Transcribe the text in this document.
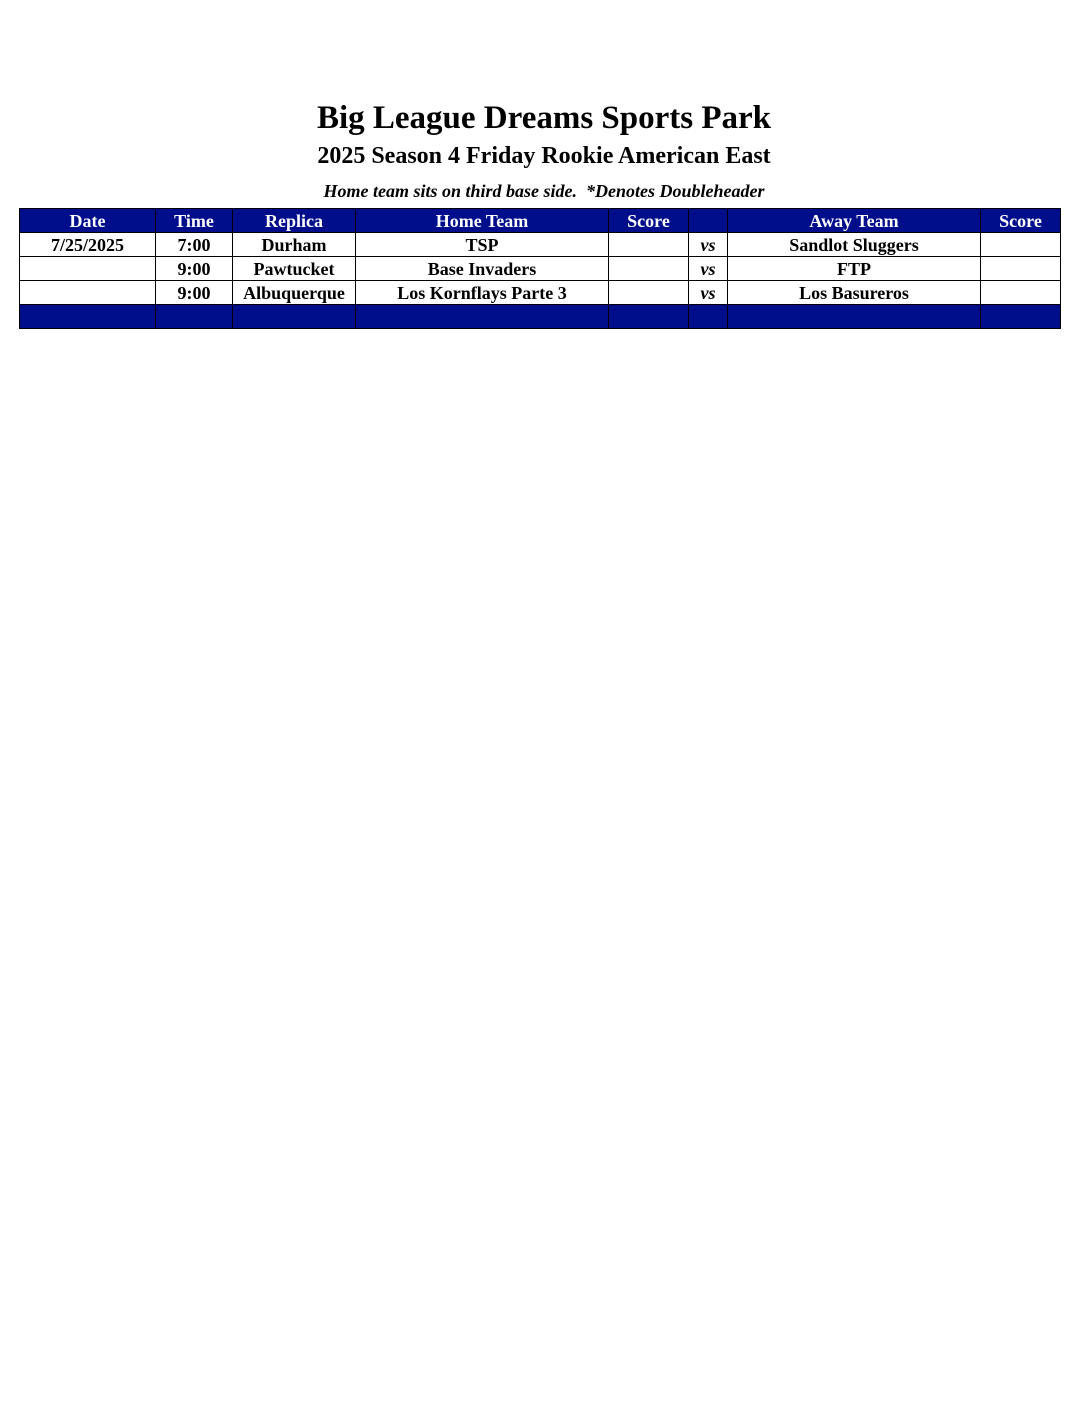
Big League Dreams Sports Park
2025 Season 4 Friday Rookie American East
Home team sits on third base side.  *Denotes Doubleheader
Date	Time	Replica	Home Team	Score		Away Team	Score
7/25/2025	7:00	Durham	TSP		vs	Sandlot Sluggers	
	9:00	Pawtucket	Base Invaders		vs	FTP	
	9:00	Albuquerque	Los Kornflays Parte 3		vs	Los Basureros	
